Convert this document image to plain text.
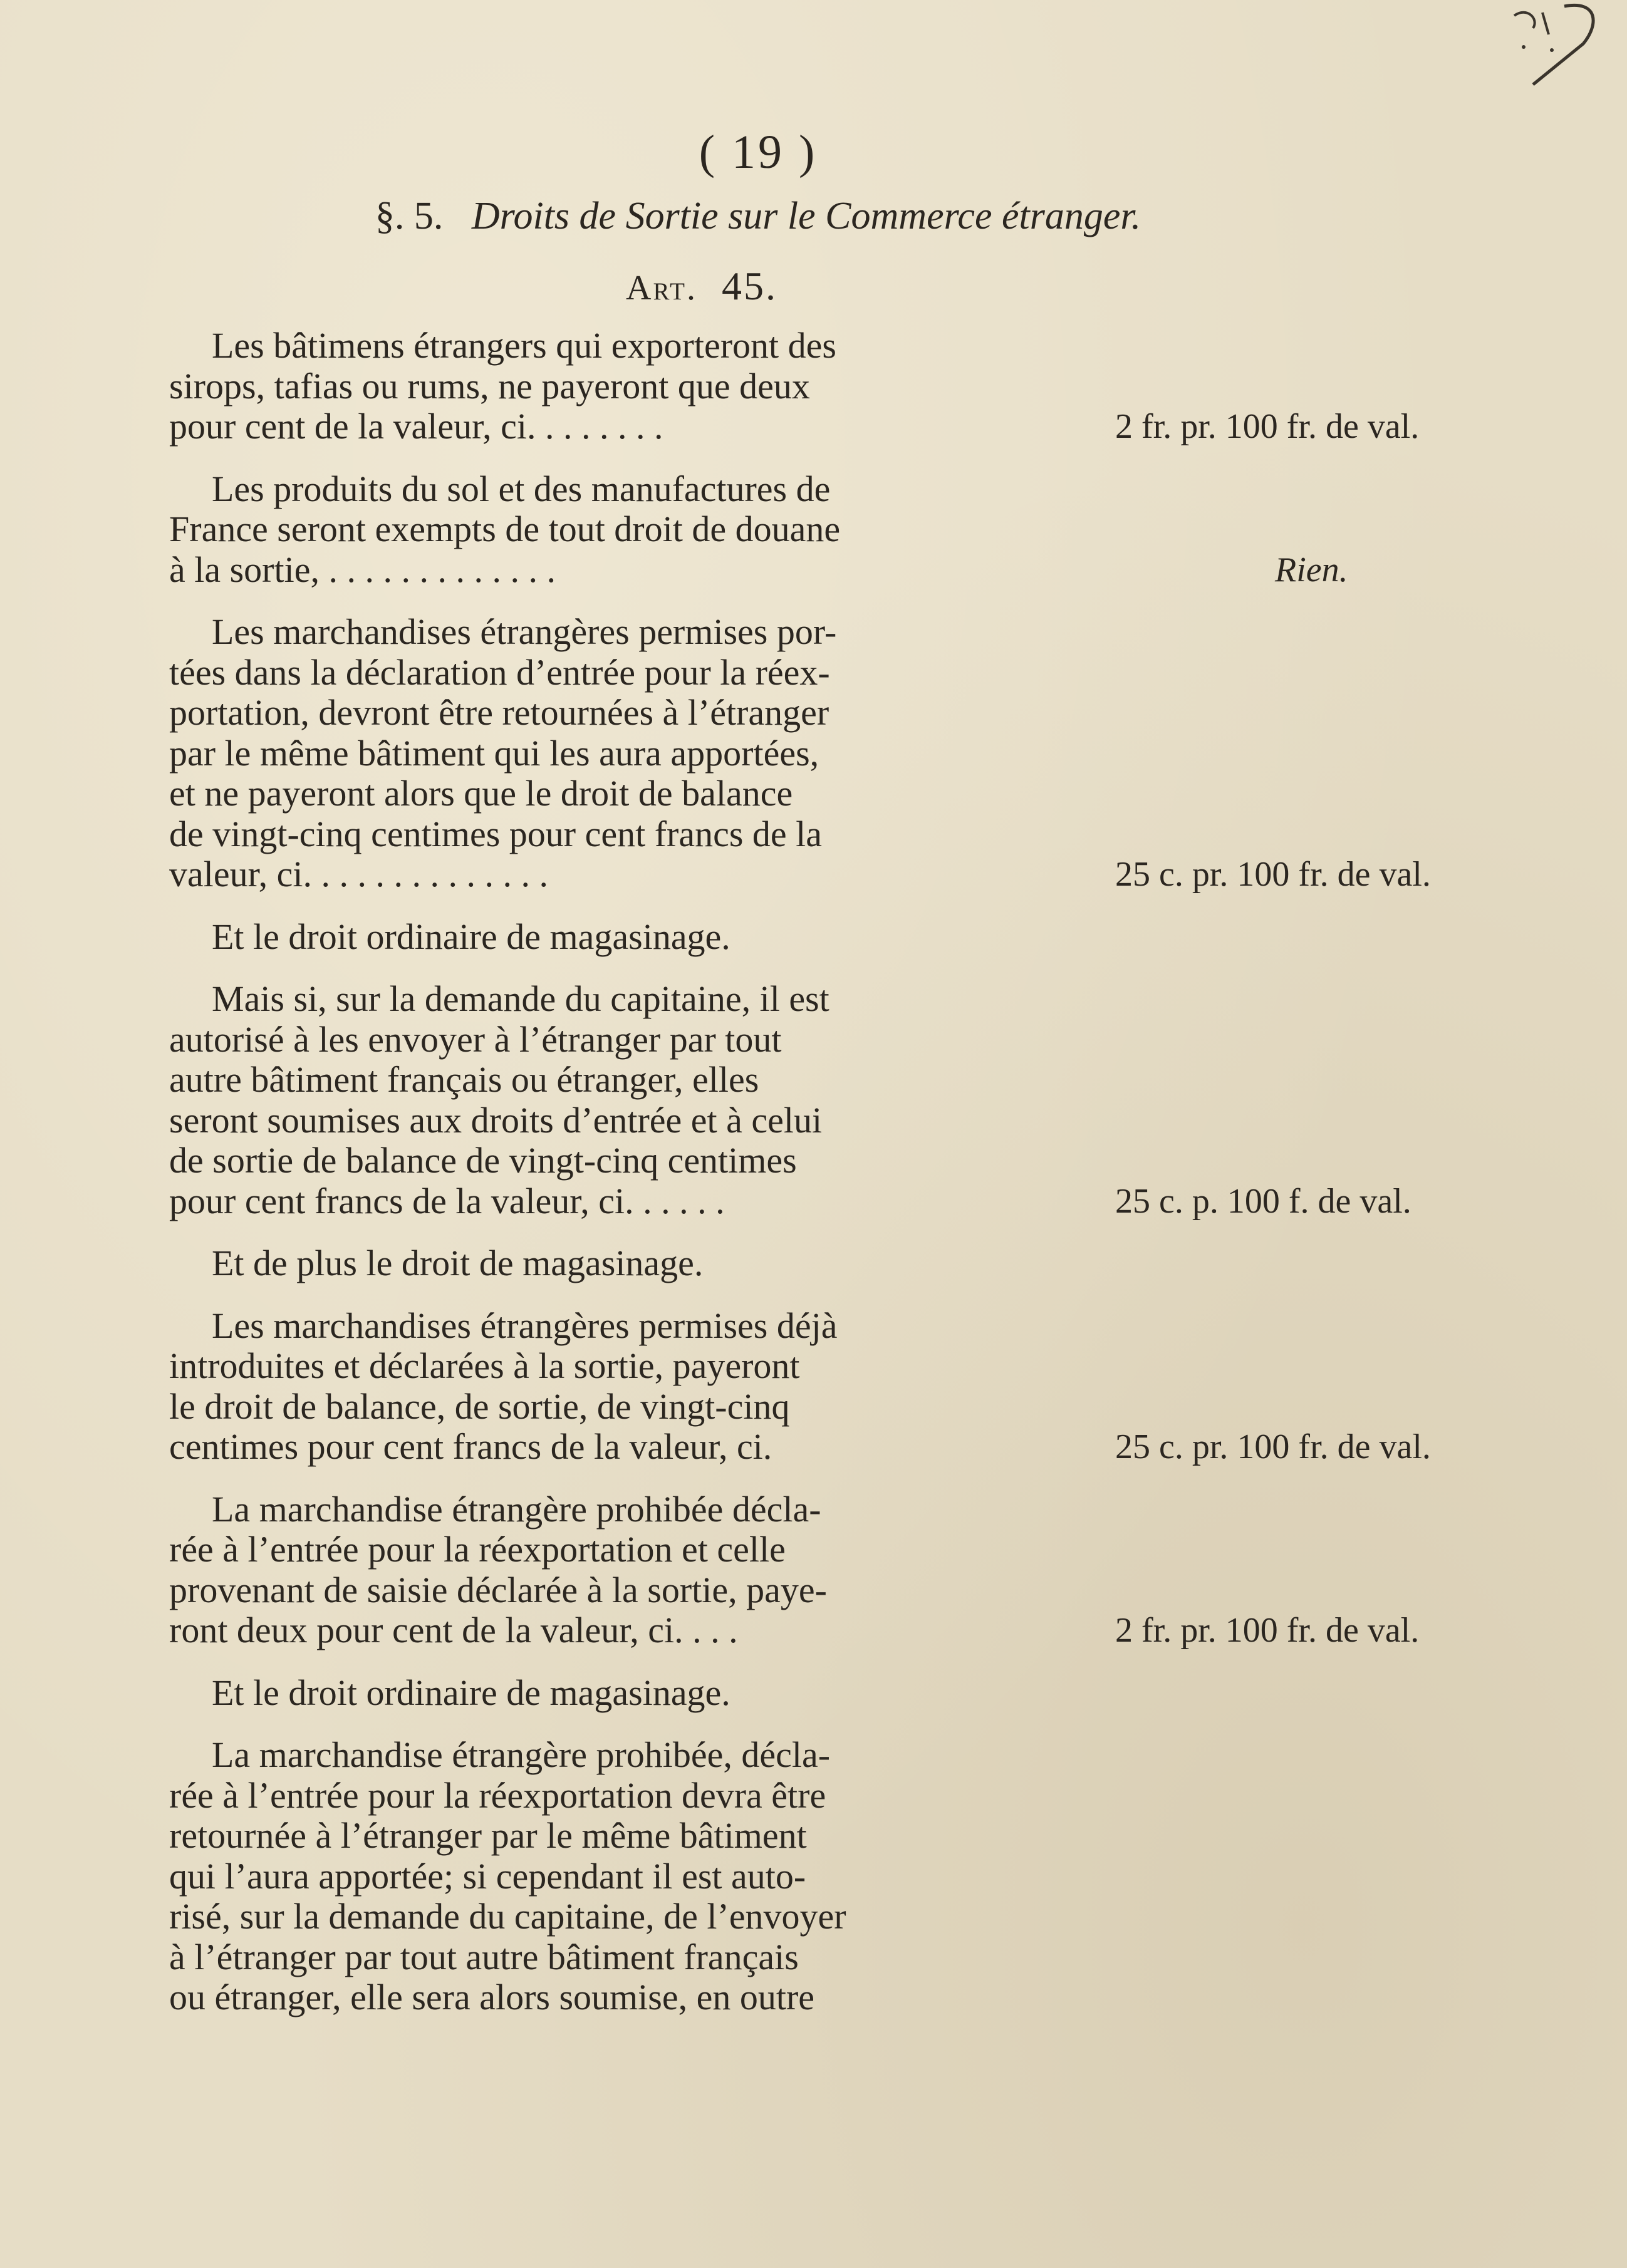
( 19 )
§. 5. Droits de Sortie sur le Commerce étranger.
Art. 45.
Les bâtimens étrangers qui exporteront des
sirops, tafias ou rums, ne payeront que deux
pour cent de la valeur, ci. . . . . . . .	2 fr. pr. 100 fr. de val.
Les produits du sol et des manufactures de
France seront exempts de tout droit de douane
à la sortie, . . . . . . . . . . . . .	Rien.
Les marchandises étrangères permises por-
tées dans la déclaration d’entrée pour la réex-
portation, devront être retournées à l’étranger
par le même bâtiment qui les aura apportées,
et ne payeront alors que le droit de balance
de vingt-cinq centimes pour cent francs de la
valeur, ci. . . . . . . . . . . . . .	25 c. pr. 100 fr. de val.
Et le droit ordinaire de magasinage.
Mais si, sur la demande du capitaine, il est
autorisé à les envoyer à l’étranger par tout
autre bâtiment français ou étranger, elles
seront soumises aux droits d’entrée et à celui
de sortie de balance de vingt-cinq centimes
pour cent francs de la valeur, ci. . . . . .	25 c. p. 100 f. de val.
Et de plus le droit de magasinage.
Les marchandises étrangères permises déjà
introduites et déclarées à la sortie, payeront
le droit de balance, de sortie, de vingt-cinq
centimes pour cent francs de la valeur, ci.	25 c. pr. 100 fr. de val.
La marchandise étrangère prohibée décla-
rée à l’entrée pour la réexportation et celle
provenant de saisie déclarée à la sortie, paye-
ront deux pour cent de la valeur, ci. . . .	2 fr. pr. 100 fr. de val.
Et le droit ordinaire de magasinage.
La marchandise étrangère prohibée, décla-
rée à l’entrée pour la réexportation devra être
retournée à l’étranger par le même bâtiment
qui l’aura apportée; si cependant il est auto-
risé, sur la demande du capitaine, de l’envoyer
à l’étranger par tout autre bâtiment français
ou étranger, elle sera alors soumise, en outre
